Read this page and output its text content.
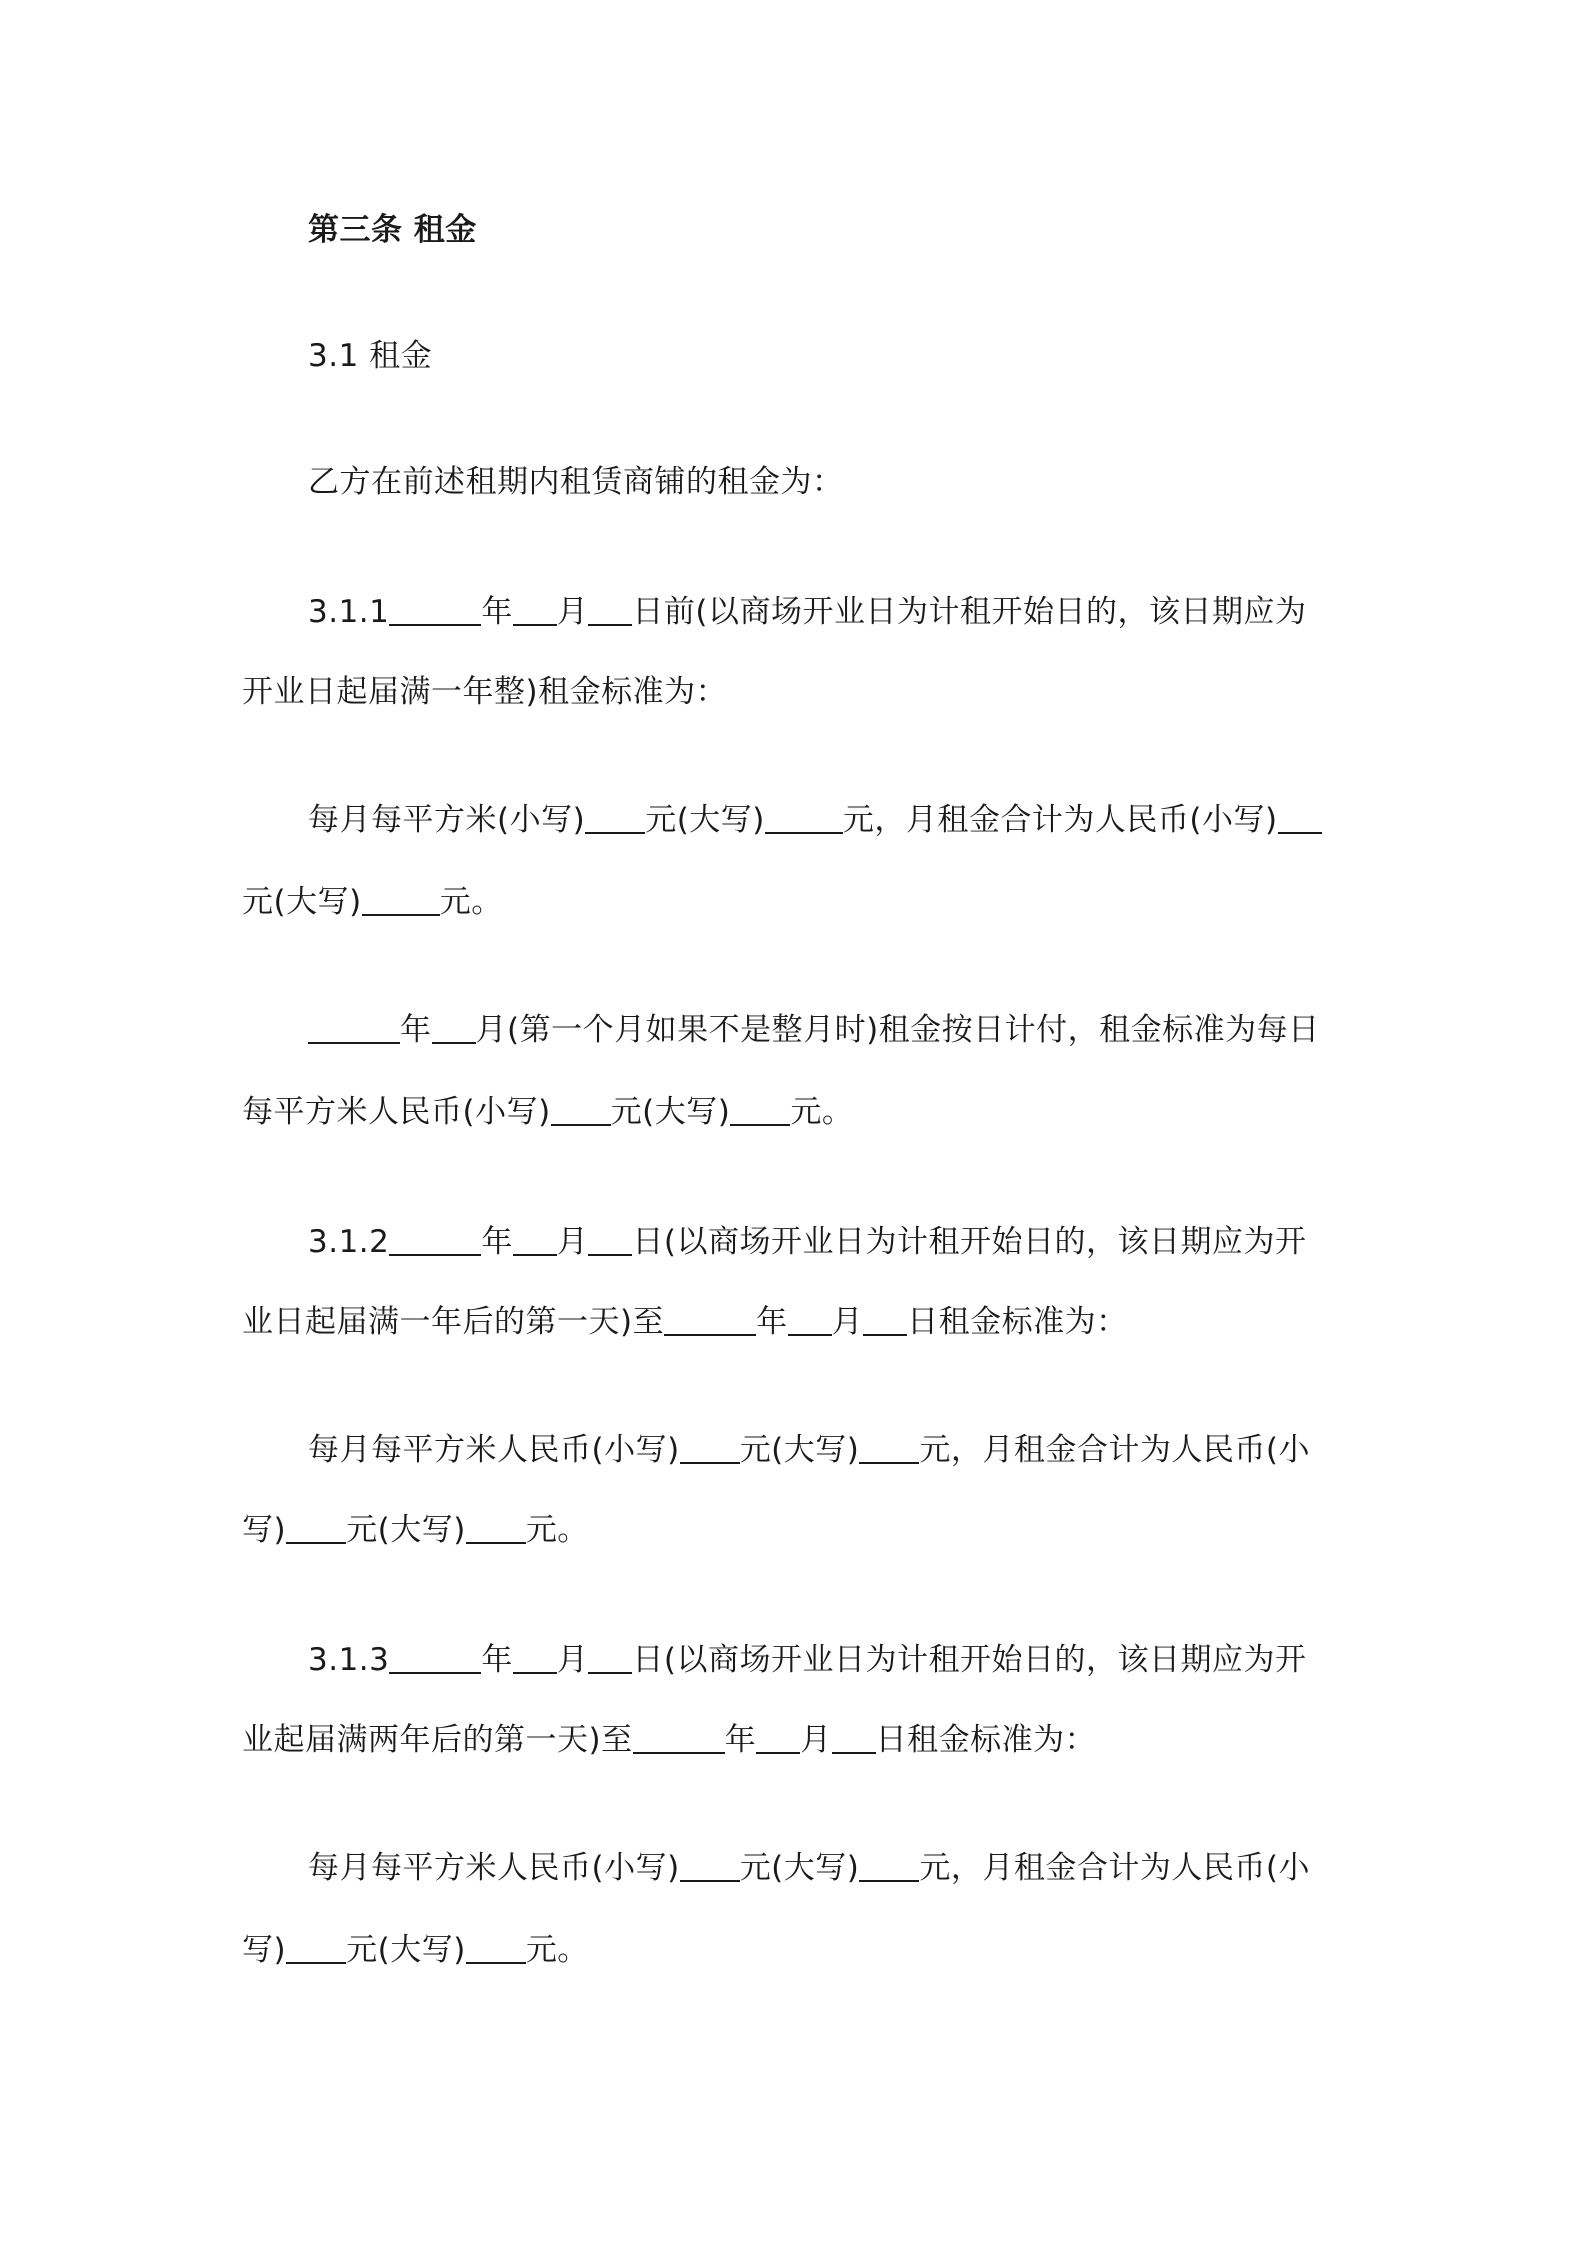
第三条 租金
3.1 租金
乙方在前述租期内租赁商铺的租金为：
3.1.1	年 月 日前(以商场开业日为计租开始日的，该日期应为
开业日起届满一年整)租金标准为：
每月每平方米(小写) 元(大写)	元，月租金合计为人民币(小写)
元(大写)	元。
年 月(第一个月如果不是整月时)租金按日计付，租金标准为每日
每平方米人民币(小写) 元(大写) 元。
3.1.2	年 月 日(以商场开业日为计租开始日的，该日期应为开
业日起届满一年后的第一天)至	年 月 日租金标准为：
每月每平方米人民币(小写) 元(大写) 元，月租金合计为人民币(小
写) 元(大写) 元。
3.1.3	年 月 日(以商场开业日为计租开始日的，该日期应为开
业起届满两年后的第一天)至	年 月 日租金标准为：
每月每平方米人民币(小写) 元(大写) 元，月租金合计为人民币(小
写) 元(大写) 元。
